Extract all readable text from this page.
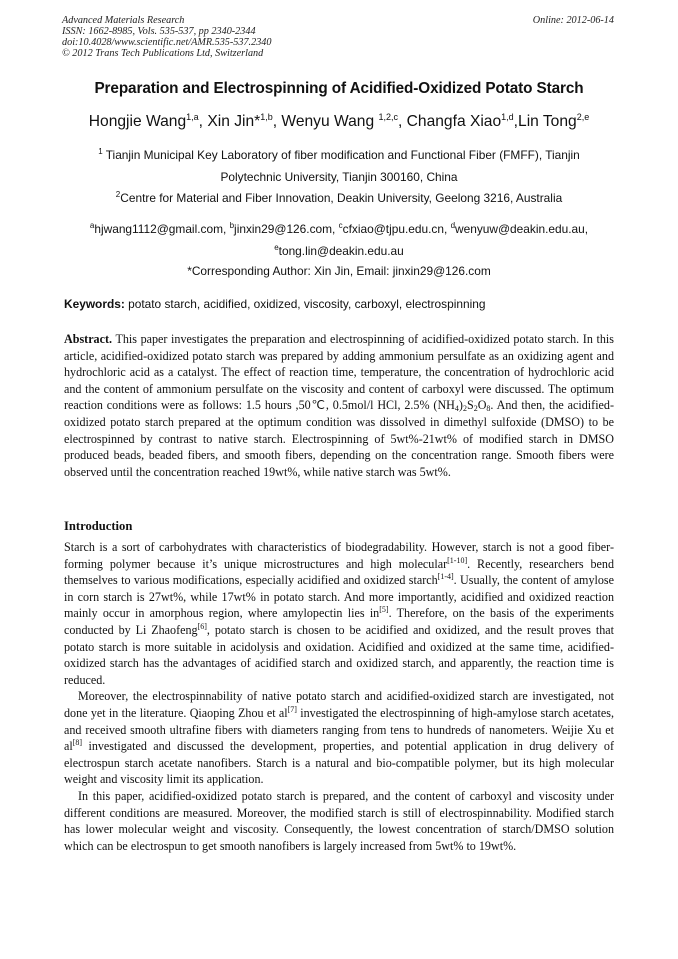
Advanced Materials Research
ISSN: 1662-8985, Vols. 535-537, pp 2340-2344
doi:10.4028/www.scientific.net/AMR.535-537.2340
© 2012 Trans Tech Publications Ltd, Switzerland
Online: 2012-06-14
Preparation and Electrospinning of Acidified-Oxidized Potato Starch
Hongjie Wang$^{1,a}$, Xin Jin*$^{1,b}$, Wenyu Wang $^{1,2,c}$, Changfa Xiao$^{1,d}$,Lin Tong$^{2,e}$
$^1$ Tianjin Municipal Key Laboratory of fiber modification and Functional Fiber (FMFF), Tianjin
Polytechnic University, Tianjin 300160, China
$^2$Centre for Material and Fiber Innovation, Deakin University, Geelong 3216, Australia
$^a$hjwang1112@gmail.com, $^b$jinxin29@126.com, $^c$cfxiao@tjpu.edu.cn, $^d$wenyuw@deakin.edu.au,
$^e$tong.lin@deakin.edu.au
*Corresponding Author: Xin Jin, Email: jinxin29@126.com
Keywords: potato starch, acidified, oxidized, viscosity, carboxyl, electrospinning

Abstract. This paper investigates the preparation and electrospinning of acidified-oxidized potato starch. In this article, acidified-oxidized potato starch was prepared by adding ammonium persulfate as an oxidizing agent and hydrochloric acid as a catalyst. The effect of reaction time, temperature, the concentration of hydrochloric acid and the content of ammonium persulfate on the viscosity and content of carboxyl were discussed. The optimum reaction conditions were as follows: 1.5 hours ,50℃, 0.5mol/l HCl, 2.5% $(NH_4)_2S_2O_8$. And then, the acidified-oxidized potato starch prepared at the optimum condition was dissolved in dimethyl sulfoxide (DMSO) to be electrospinned by contrast to native starch. Electrospinning of 5wt%-21wt% of modified starch in DMSO produced beads, beaded fibers, and smooth fibers, depending on the concentration range. Smooth fibers were observed until the concentration reached 19wt%, while native starch was 5wt%.

Introduction

Starch is a sort of carbohydrates with characteristics of biodegradability. However, starch is not a good fiber-forming polymer because it’s unique microstructures and high molecular[1-10]. Recently, researchers bend themselves to various modifications, especially acidified and oxidized starch[1-4]. Usually, the content of amylose in corn starch is 27wt%, while 17wt% in potato starch. And more importantly, acidified and oxidized reaction mainly occur in amorphous region, where amylopectin lies in[5]. Therefore, on the basis of the experiments conducted by Li Zhaofeng[6], potato starch is chosen to be acidified and oxidized, and the result proves that potato starch is more suitable in acidolysis and oxidation. Acidified and oxidized at the same time, acidified-oxidized starch has the advantages of acidified starch and oxidized starch, and apparently, the reaction time is reduced.

Moreover, the electrospinnability of native potato starch and acidified-oxidized starch are investigated, not done yet in the literature. Qiaoping Zhou et al[7] investigated the electrospinning of high-amylose starch acetates, and received smooth ultrafine fibers with diameters ranging from tens to hundreds of nanometers. Weijie Xu et al[8] investigated and discussed the development, properties, and potential application in drug delivery of electrospun starch acetate nanofibers. Starch is a natural and bio-compatible polymer, but its high molecular weight and viscosity limit its application.

In this paper, acidified-oxidized potato starch is prepared, and the content of carboxyl and viscosity under different conditions are measured. Moreover, the modified starch is still of electrospinnability. Modified starch has lower molecular weight and viscosity. Consequently, the lowest concentration of starch/DMSO solution which can be electrospun to get smooth nanofibers is largely increased from 5wt% to 19wt%.
